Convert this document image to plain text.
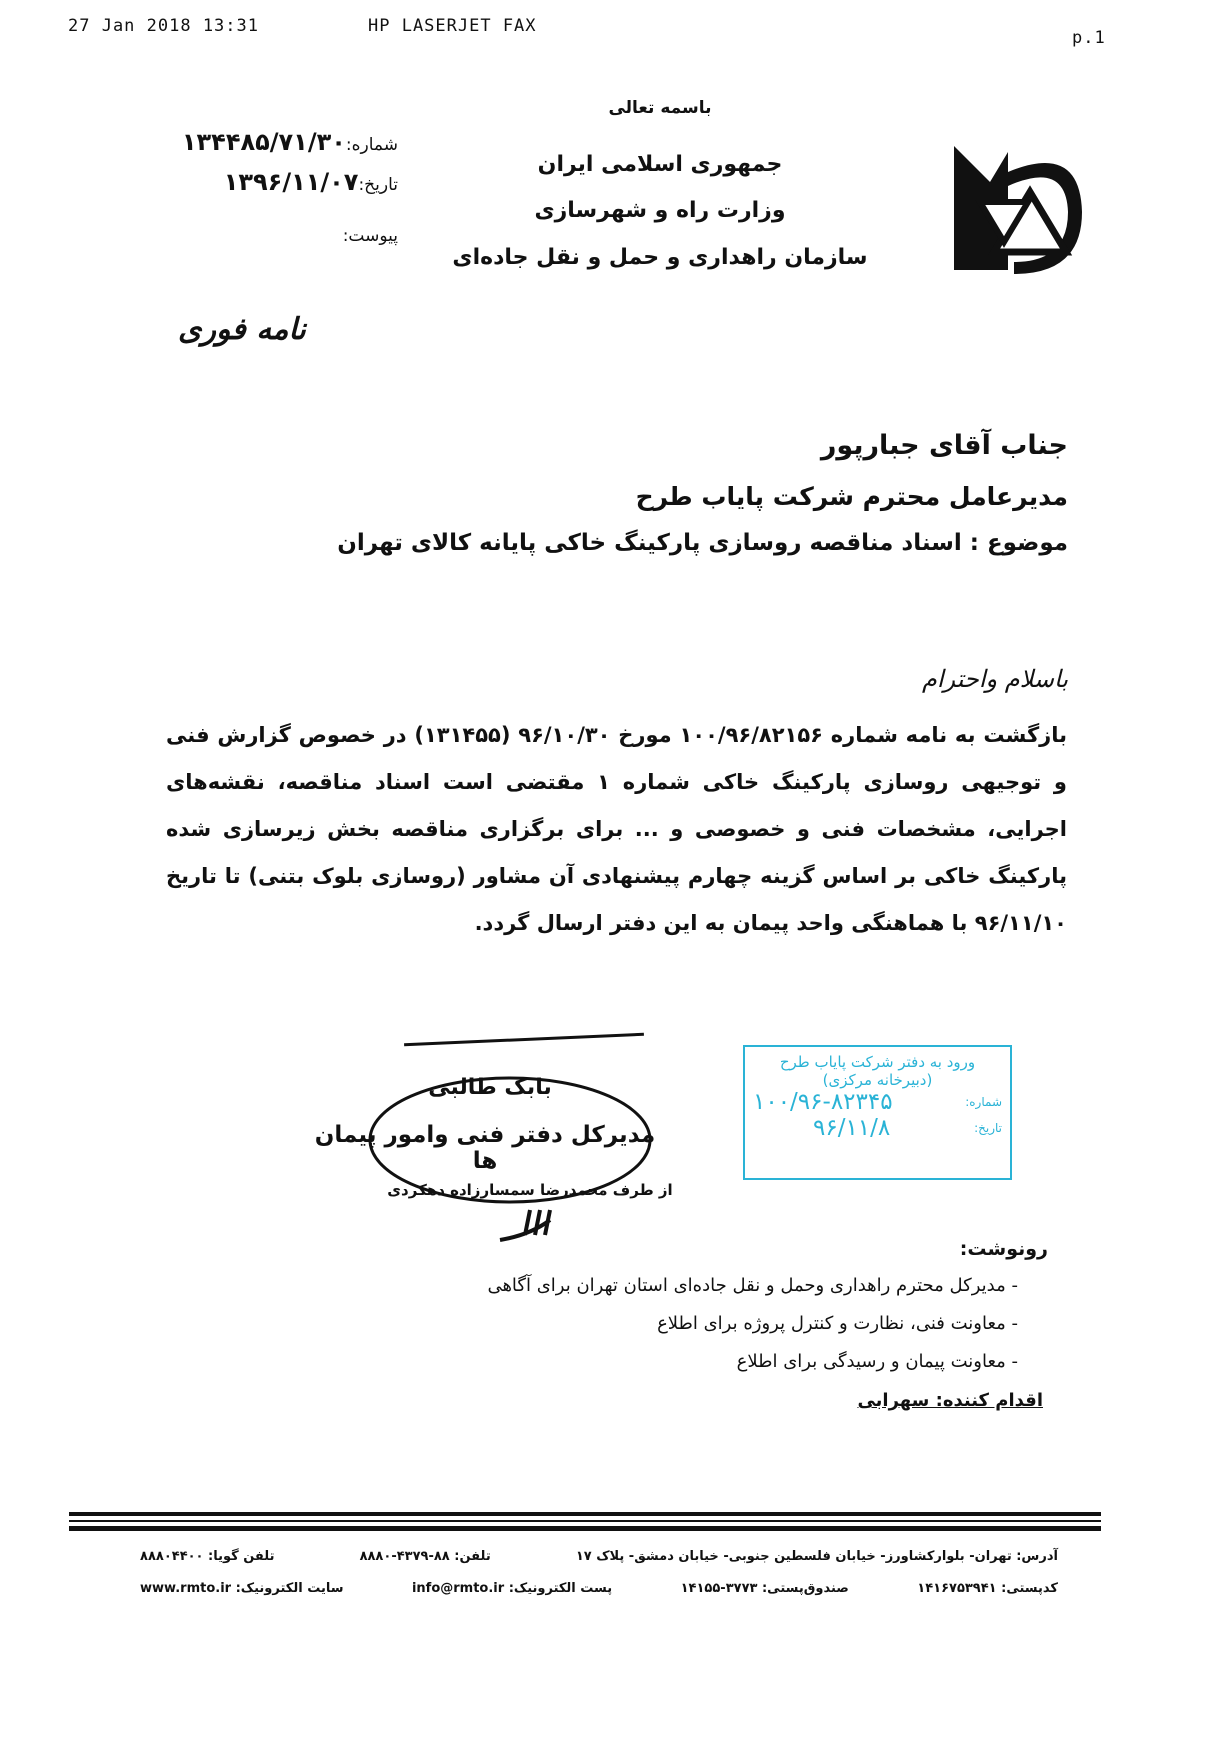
27 Jan 2018 13:31	HP LASERJET FAX
p.1
باسمه تعالی
جمهوری اسلامی ایران
وزارت راه و شهرسازی
سازمان راهداری و حمل و نقل جاده‌ای
شماره:۱۳۴۴۸۵/۷۱/۳۰
تاریخ:۱۳۹۶/۱۱/۰۷
پیوست:
نامه فوری
جناب آقای جبارپور
مدیرعامل محترم شرکت پایاب طرح
موضوع : اسناد مناقصه روسازی پارکینگ خاکی پایانه کالای تهران
باسلام واحترام
بازگشت به نامه شماره ۱۰۰/۹۶/۸۲۱۵۶ مورخ ۹۶/۱۰/۳۰ (۱۳۱۴۵۵) در خصوص گزارش فنی و توجیهی روسازی پارکینگ خاکی شماره ۱ مقتضی است اسناد مناقصه، نقشه‌های اجرایی، مشخصات فنی و خصوصی و ... برای برگزاری مناقصه بخش زیرسازی شده پارکینگ خاکی بر اساس گزینه چهارم پیشنهادی آن مشاور (روسازی بلوک بتنی) تا تاریخ ۹۶/۱۱/۱۰ با هماهنگی واحد پیمان به این دفتر ارسال گردد.
بابک طالبی
مدیرکل دفتر فنی وامور پیمان ها
از طرف محمدرضا سمسارزاده دهکردی
ورود به دفتر شرکت پایاب طرح
(دبیرخانه مرکزی)
شماره:
۱۰۰/۹۶-۸۲۳۴۵
تاریخ:
۹۶/۱۱/۸
رونوشت:
- مدیرکل محترم راهداری وحمل و نقل جاده‌ای استان تهران برای آگاهی
- معاونت فنی، نظارت و کنترل پروژه برای اطلاع
- معاونت پیمان و رسیدگی برای اطلاع
اقدام کننده: سهرابی
آدرس: تهران- بلوارکشاورز- خیابان فلسطین جنوبی- خیابان دمشق- پلاک ۱۷
تلفن: ۸۸-۴۳۷۹-۸۸۸۰
تلفن گویا: ۸۸۸۰۴۴۰۰
کدپستی: ۱۴۱۶۷۵۳۹۴۱
صندوق‌پستی: ۳۷۷۳-۱۴۱۵۵
پست الکترونیک: info@rmto.ir
سایت الکترونیک: www.rmto.ir
